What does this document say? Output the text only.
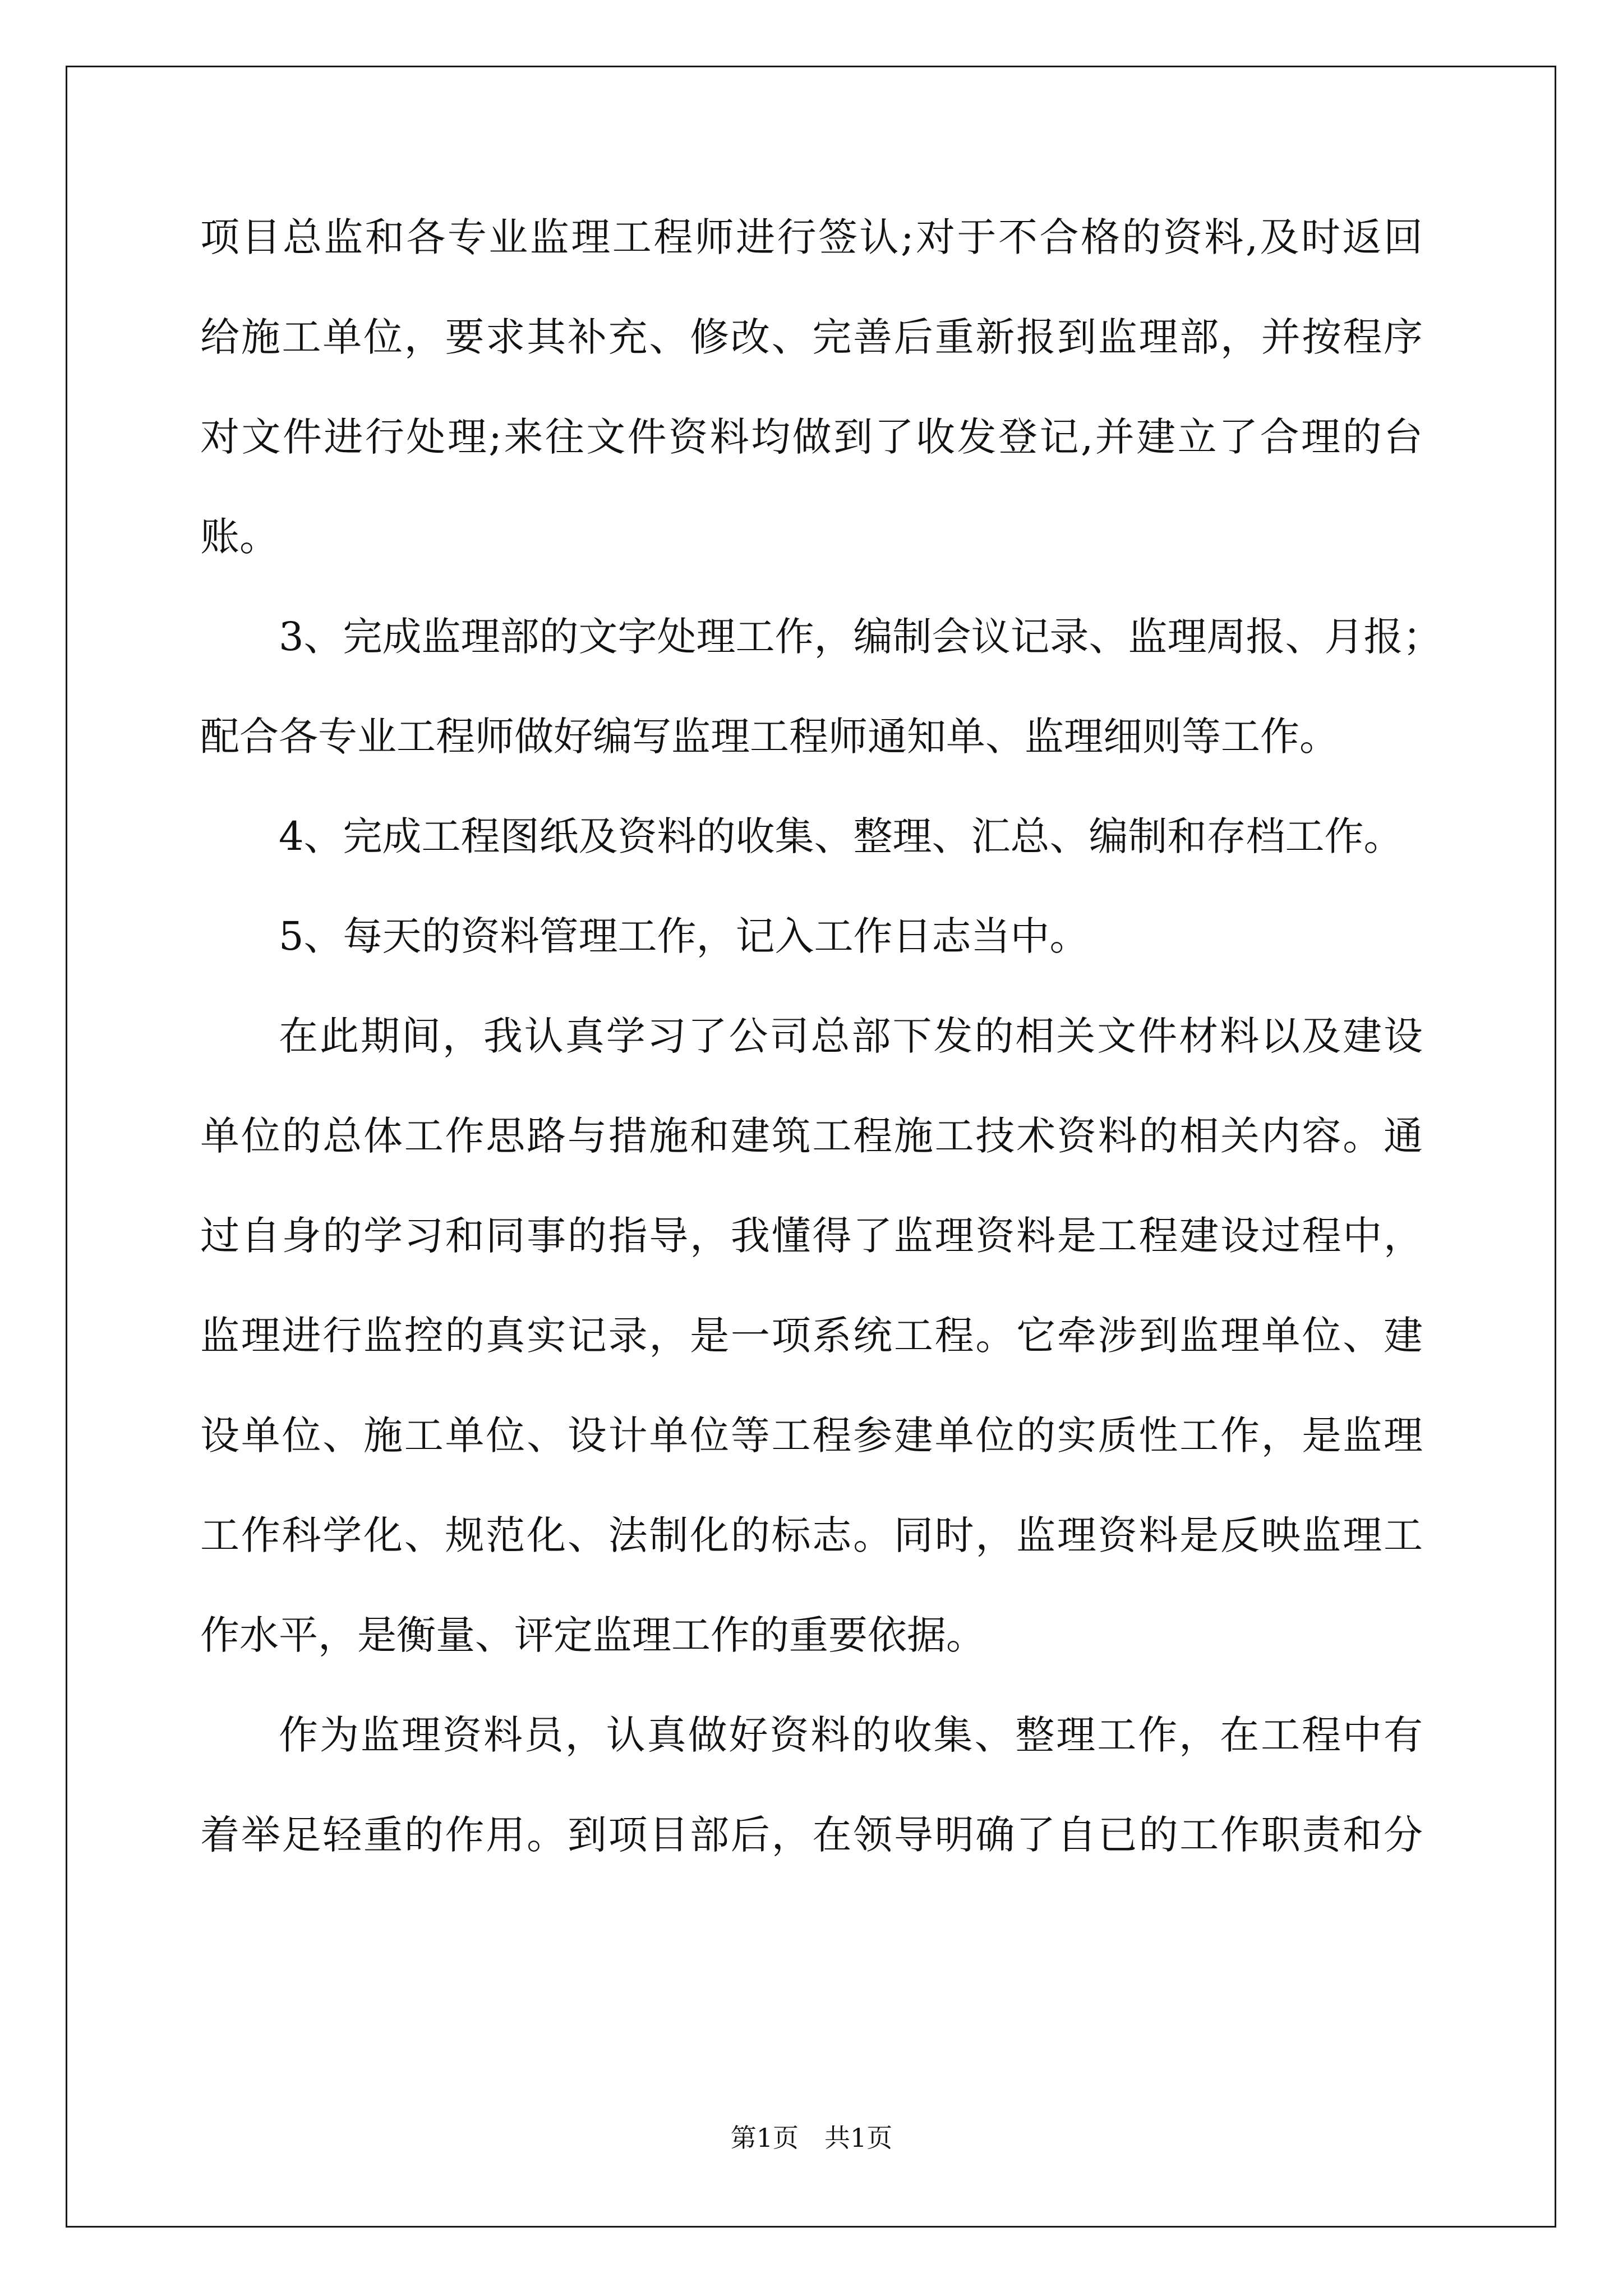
项目总监和各专业监理工程师进行签认;对于不合格的资料,及时返回
给施工单位，要求其补充、修改、完善后重新报到监理部，并按程序
对文件进行处理;来往文件资料均做到了收发登记,并建立了合理的台
账。
3、完成监理部的文字处理工作，编制会议记录、监理周报、月报；
配合各专业工程师做好编写监理工程师通知单、监理细则等工作。
4、完成工程图纸及资料的收集、整理、汇总、编制和存档工作。
5、每天的资料管理工作，记入工作日志当中。
在此期间，我认真学习了公司总部下发的相关文件材料以及建设
单位的总体工作思路与措施和建筑工程施工技术资料的相关内容。通
过自身的学习和同事的指导，我懂得了监理资料是工程建设过程中，
监理进行监控的真实记录，是一项系统工程。它牵涉到监理单位、建
设单位、施工单位、设计单位等工程参建单位的实质性工作，是监理
工作科学化、规范化、法制化的标志。同时，监理资料是反映监理工
作水平，是衡量、评定监理工作的重要依据。
作为监理资料员，认真做好资料的收集、整理工作，在工程中有
着举足轻重的作用。到项目部后，在领导明确了自已的工作职责和分
第1页　共1页
